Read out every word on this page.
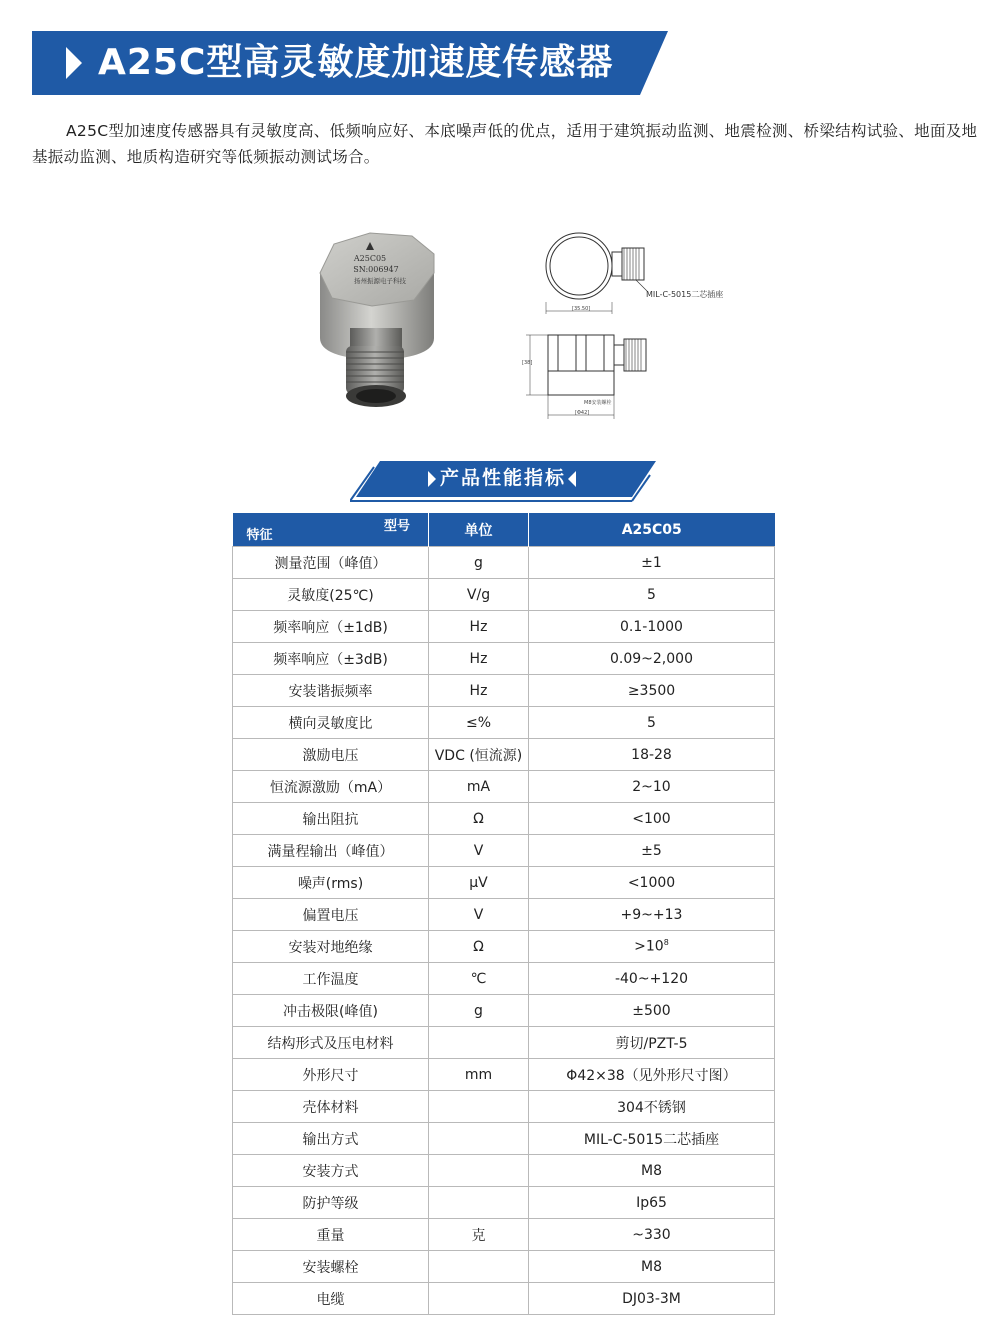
A25C型高灵敏度加速度传感器
A25C型加速度传感器具有灵敏度高、低频响应好、本底噪声低的优点，适用于建筑振动监测、地震检测、桥梁结构试验、地面及地基振动监测、地质构造研究等低频振动测试场合。
A25C05
SN:006947
扬州振源电子科技
MIL-C-5015二芯插座
[35.50]
[38]
M8安装螺栓
[Φ42]
产品性能指标
型号
特征	单位	A25C05
测量范围（峰值）	g	±1
灵敏度(25℃)	V/g	5
频率响应（±1dB)	Hz	0.1-1000
频率响应（±3dB)	Hz	0.09~2,000
安装谐振频率	Hz	≥3500
横向灵敏度比	≤%	5
激励电压	VDC (恒流源)	18-28
恒流源激励（mA）	mA	2~10
输出阻抗	Ω	<100
满量程输出（峰值）	V	±5
噪声(rms)	μV	<1000
偏置电压	V	+9~+13
安装对地绝缘	Ω	$>10^8$
工作温度	℃	-40~+120
冲击极限(峰值)	g	±500
结构形式及压电材料		剪切/PZT-5
外形尺寸	mm	Φ42×38（见外形尺寸图）
壳体材料		304不锈钢
输出方式		MIL-C-5015二芯插座
安装方式		M8
防护等级		Ip65
重量	克	~330
安装螺栓		M8
电缆		DJ03-3M
